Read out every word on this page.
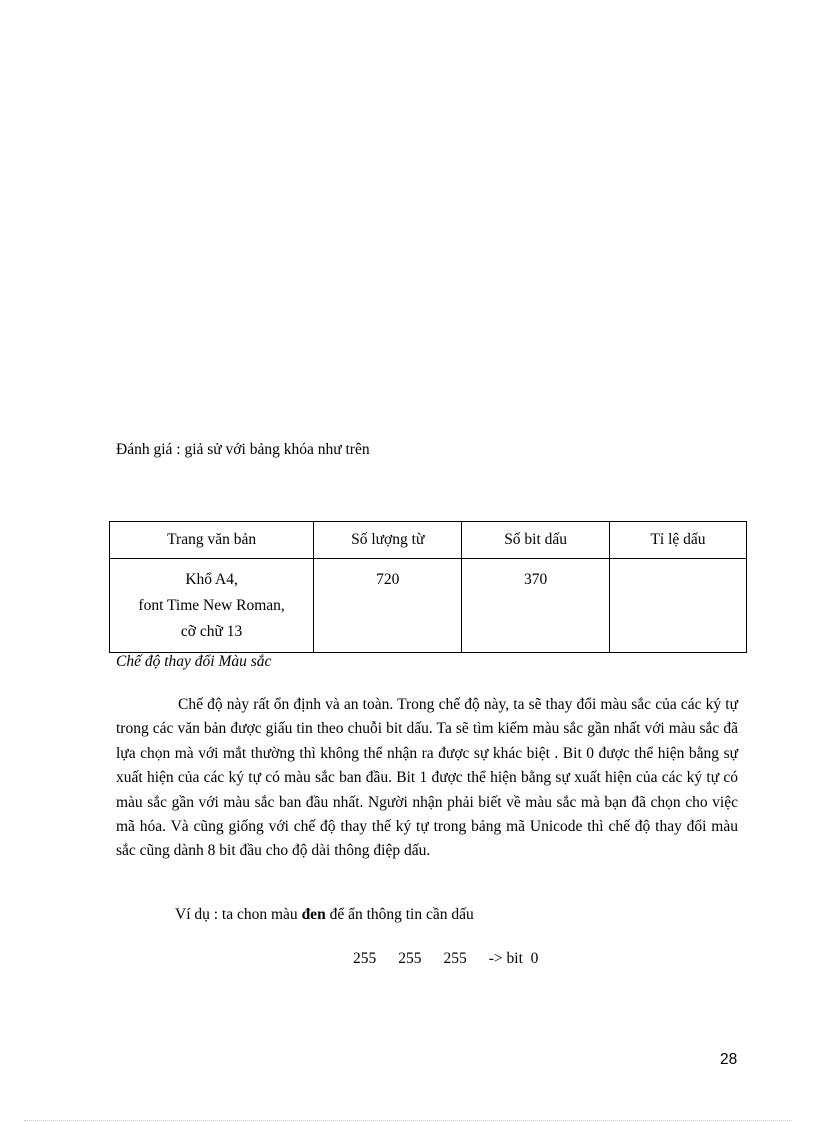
Đánh giá : giả sử với bảng khóa như trên
Trang văn bản	Số lượng từ	Số bit dấu	Tỉ lệ dấu

Khổ A4,
font Time New Roman,
cỡ chữ 13	720	370	
Chế độ thay đổi Màu sắc

Chế độ này rất ổn định và an toàn. Trong chế độ này, ta sẽ thay đổi màu sắc của các ký tự trong các văn bản được giấu tin theo chuỗi bit dấu. Ta sẽ tìm kiếm màu sắc gần nhất với màu sắc đã lựa chọn mà với mắt thường thì không thể nhận ra được sự khác biệt . Bit 0 được thể hiện bằng sự xuất hiện của các ký tự có màu sắc ban đầu. Bit 1 được thể hiện bằng sự xuất hiện của các ký tự có màu sắc gần với màu sắc ban đầu nhất. Người nhận phải biết về màu sắc mà bạn đã chọn cho việc mã hóa. Và cũng giống với chế độ thay thế ký tự trong bảng mã Unicode thì chế độ thay đổi màu sắc cũng dành 8 bit đầu cho độ dài thông điệp dấu.

Ví dụ : ta chon màu đen để ẩn thông tin cần dấu
255 255 255 -> bit  0
28
